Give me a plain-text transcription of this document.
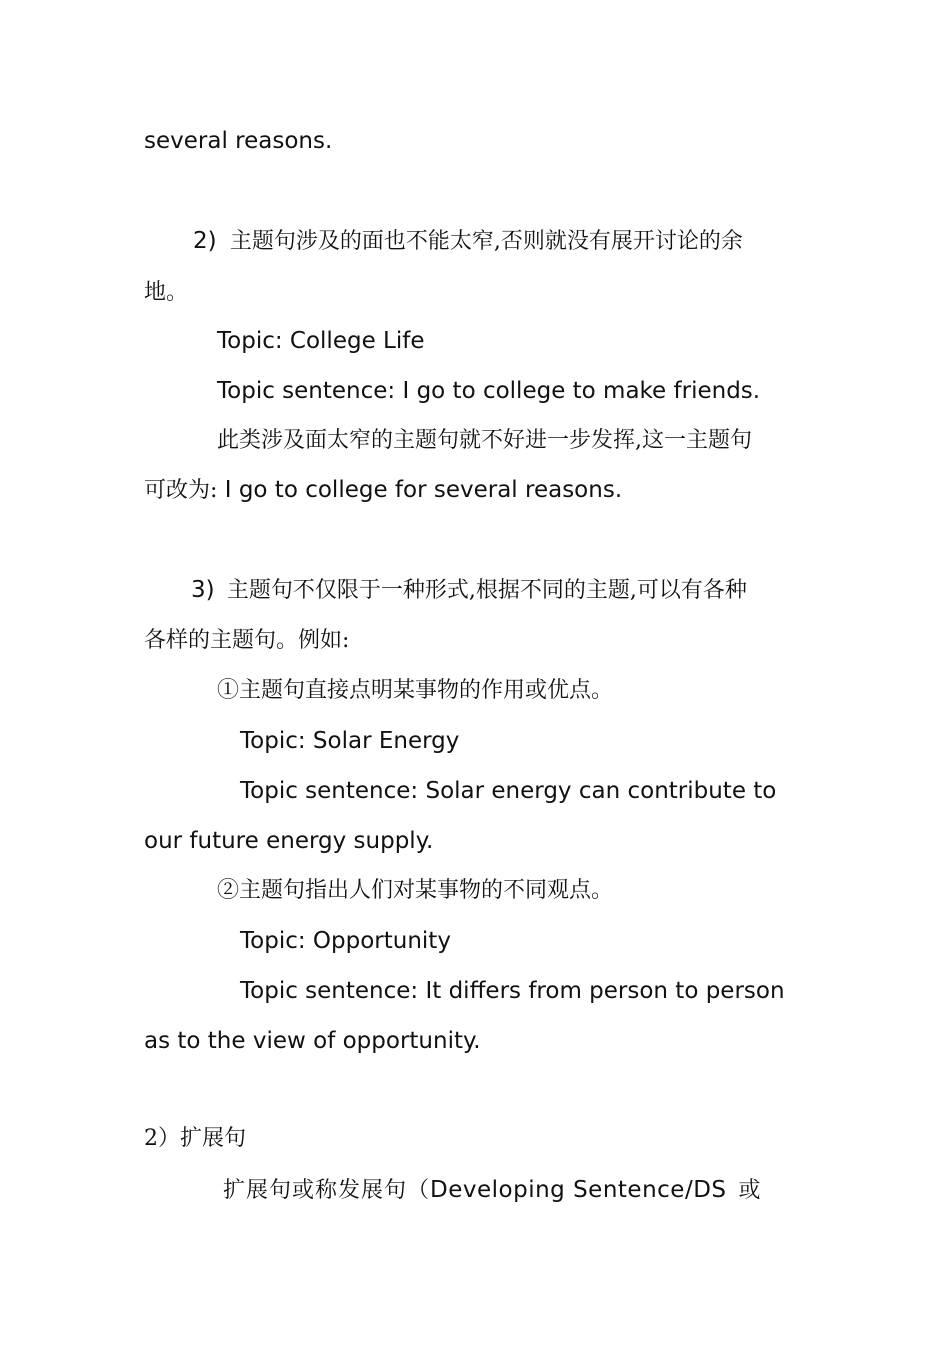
several reasons.
2) 主题句涉及的面也不能太窄,否则就没有展开讨论的余
地。
Topic: College Life
Topic sentence: I go to college to make friends.
此类涉及面太窄的主题句就不好进一步发挥,这一主题句
可改为: I go to college for several reasons.
3) 主题句不仅限于一种形式,根据不同的主题,可以有各种
各样的主题句。例如:
①主题句直接点明某事物的作用或优点。
Topic: Solar Energy
Topic sentence: Solar energy can contribute to
our future energy supply.
②主题句指出人们对某事物的不同观点。
Topic: Opportunity
Topic sentence: It differs from person to person
as to the view of opportunity.
2）扩展句
扩展句或称发展句（Developing Sentence/DS 或
